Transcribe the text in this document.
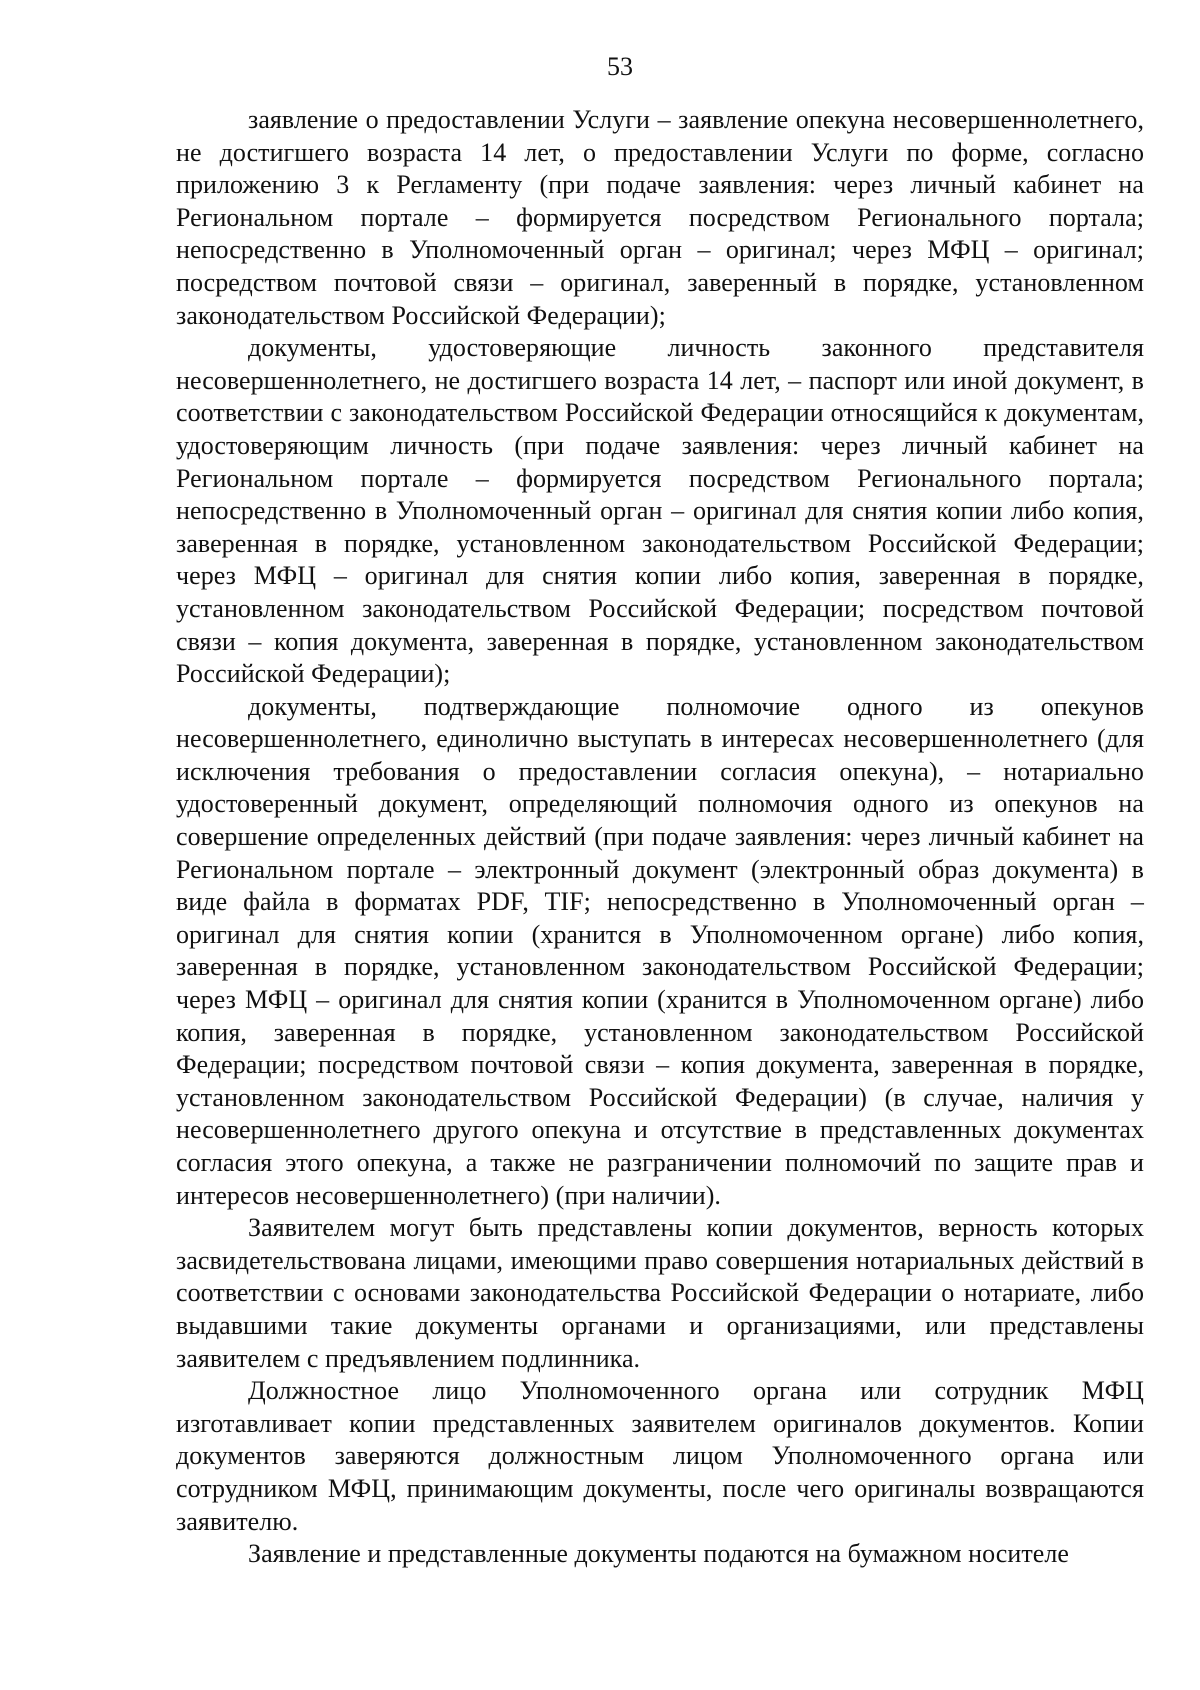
53

заявление о предоставлении Услуги – заявление опекуна несовершеннолетнего, не достигшего возраста 14 лет, о предоставлении Услуги по форме, согласно приложению 3 к Регламенту (при подаче заявления: через личный кабинет на Региональном портале – формируется посредством Регионального портала; непосредственно в Уполномоченный орган – оригинал; через МФЦ – оригинал; посредством почтовой связи – оригинал, заверенный в порядке, установленном законодательством Российской Федерации);

документы, удостоверяющие личность законного представителя несовершеннолетнего, не достигшего возраста 14 лет, – паспорт или иной документ, в соответствии с законодательством Российской Федерации относящийся к документам, удостоверяющим личность (при подаче заявления: через личный кабинет на Региональном портале – формируется посредством Регионального портала; непосредственно в Уполномоченный орган – оригинал для снятия копии либо копия, заверенная в порядке, установленном законодательством Российской Федерации; через МФЦ – оригинал для снятия копии либо копия, заверенная в порядке, установленном законодательством Российской Федерации; посредством почтовой связи – копия документа, заверенная в порядке, установленном законодательством Российской Федерации);

документы, подтверждающие полномочие одного из опекунов несовершеннолетнего, единолично выступать в интересах несовершеннолетнего (для исключения требования о предоставлении согласия опекуна), – нотариально удостоверенный документ, определяющий полномочия одного из опекунов на совершение определенных действий (при подаче заявления: через личный кабинет на Региональном портале – электронный документ (электронный образ документа) в виде файла в форматах PDF, TIF; непосредственно в Уполномоченный орган – оригинал для снятия копии (хранится в Уполномоченном органе) либо копия, заверенная в порядке, установленном законодательством Российской Федерации; через МФЦ – оригинал для снятия копии (хранится в Уполномоченном органе) либо копия, заверенная в порядке, установленном законодательством Российской Федерации; посредством почтовой связи – копия документа, заверенная в порядке, установленном законодательством Российской Федерации) (в случае, наличия у несовершеннолетнего другого опекуна и отсутствие в представленных документах согласия этого опекуна, а также не разграничении полномочий по защите прав и интересов несовершеннолетнего) (при наличии).

Заявителем могут быть представлены копии документов, верность которых засвидетельствована лицами, имеющими право совершения нотариальных действий в соответствии с основами законодательства Российской Федерации о нотариате, либо выдавшими такие документы органами и организациями, или представлены заявителем с предъявлением подлинника.

Должностное лицо Уполномоченного органа или сотрудник МФЦ изготавливает копии представленных заявителем оригиналов документов. Копии документов заверяются должностным лицом Уполномоченного органа или сотрудником МФЦ, принимающим документы, после чего оригиналы возвращаются заявителю.

Заявление и представленные документы подаются на бумажном носителе
